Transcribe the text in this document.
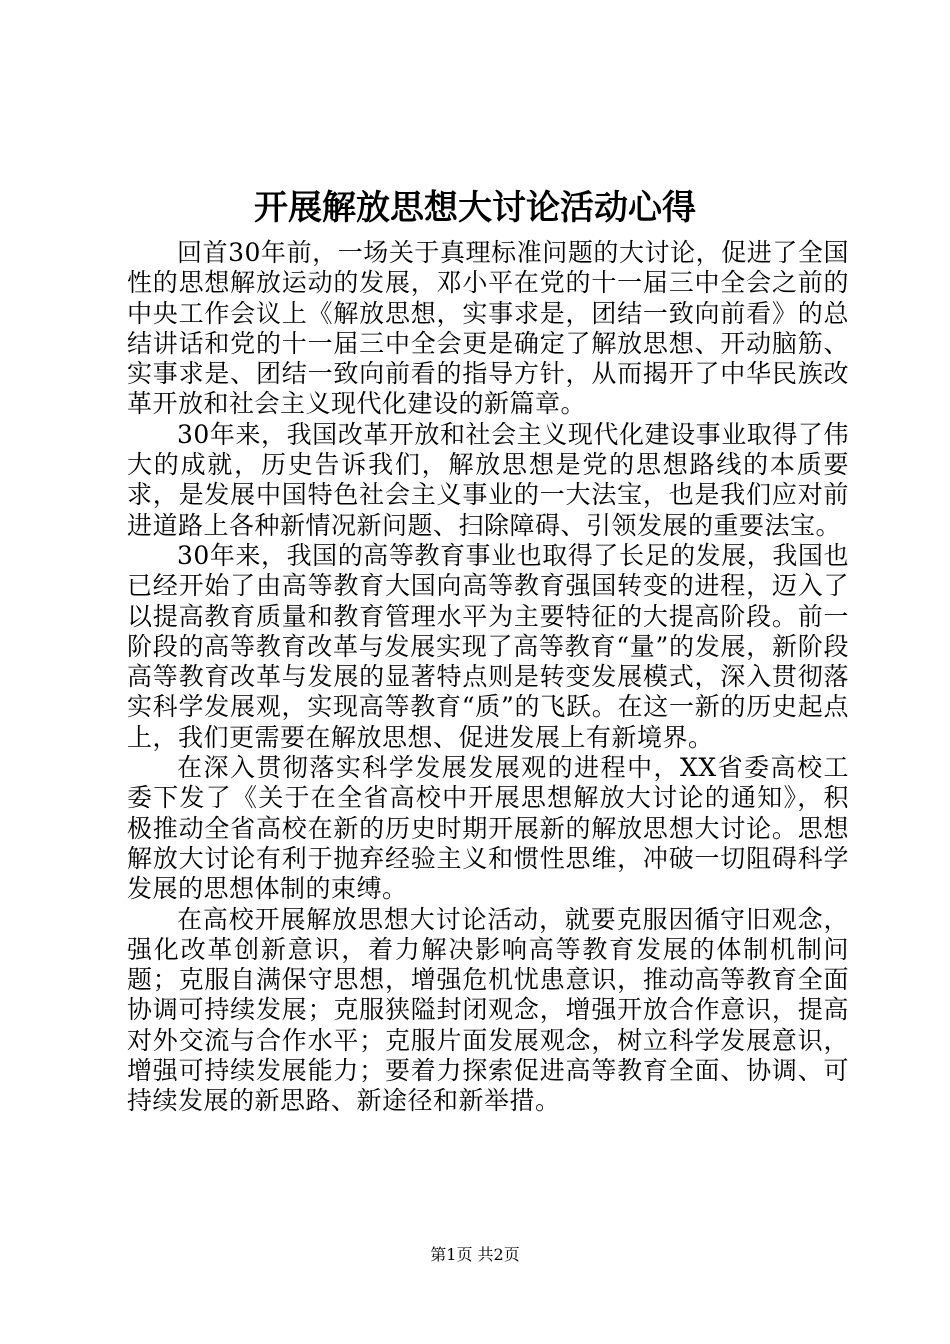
开展解放思想大讨论活动心得

回首30年前，一场关于真理标准问题的大讨论，促进了全国性的思想解放运动的发展，邓小平在党的十一届三中全会之前的中央工作会议上《解放思想，实事求是，团结一致向前看》的总结讲话和党的十一届三中全会更是确定了解放思想、开动脑筋、实事求是、团结一致向前看的指导方针，从而揭开了中华民族改革开放和社会主义现代化建设的新篇章。

30年来，我国改革开放和社会主义现代化建设事业取得了伟大的成就，历史告诉我们，解放思想是党的思想路线的本质要求，是发展中国特色社会主义事业的一大法宝，也是我们应对前进道路上各种新情况新问题、扫除障碍、引领发展的重要法宝。

30年来，我国的高等教育事业也取得了长足的发展，我国也已经开始了由高等教育大国向高等教育强国转变的进程，迈入了以提高教育质量和教育管理水平为主要特征的大提高阶段。前一阶段的高等教育改革与发展实现了高等教育“量”的发展，新阶段高等教育改革与发展的显著特点则是转变发展模式，深入贯彻落实科学发展观，实现高等教育“质”的飞跃。在这一新的历史起点上，我们更需要在解放思想、促进发展上有新境界。

在深入贯彻落实科学发展发展观的进程中，XX省委高校工委下发了《关于在全省高校中开展思想解放大讨论的通知》，积极推动全省高校在新的历史时期开展新的解放思想大讨论。思想解放大讨论有利于抛弃经验主义和惯性思维，冲破一切阻碍科学发展的思想体制的束缚。

在高校开展解放思想大讨论活动，就要克服因循守旧观念，强化改革创新意识，着力解决影响高等教育发展的体制机制问题；克服自满保守思想，增强危机忧患意识，推动高等教育全面协调可持续发展；克服狭隘封闭观念，增强开放合作意识，提高对外交流与合作水平；克服片面发展观念，树立科学发展意识，增强可持续发展能力；要着力探索促进高等教育全面、协调、可持续发展的新思路、新途径和新举措。

第1页 共2页
